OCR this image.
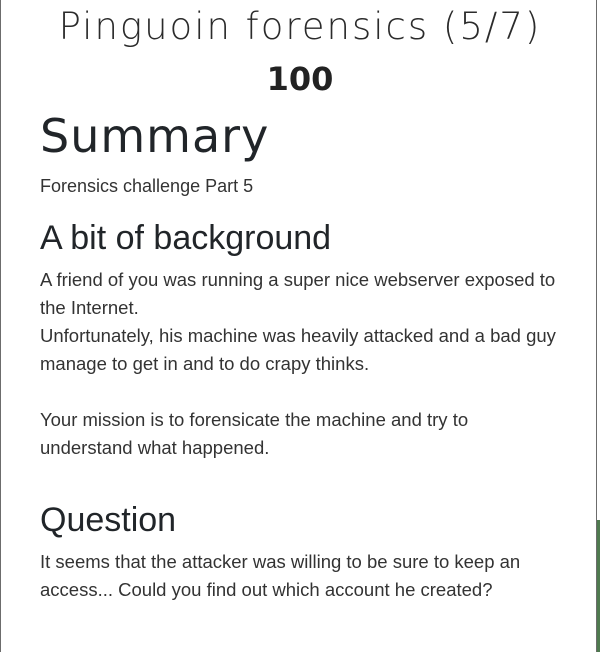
Pinguoin forensics (5/7)
100
Summary

Forensics challenge Part 5

A bit of background

A friend of you was running a super nice webserver exposed to
the Internet.
Unfortunately, his machine was heavily attacked and a bad guy
manage to get in and to do crapy thinks.
Your mission is to forensicate the machine and try to
understand what happened.

Question

It seems that the attacker was willing to be sure to keep an
access... Could you find out which account he created?
